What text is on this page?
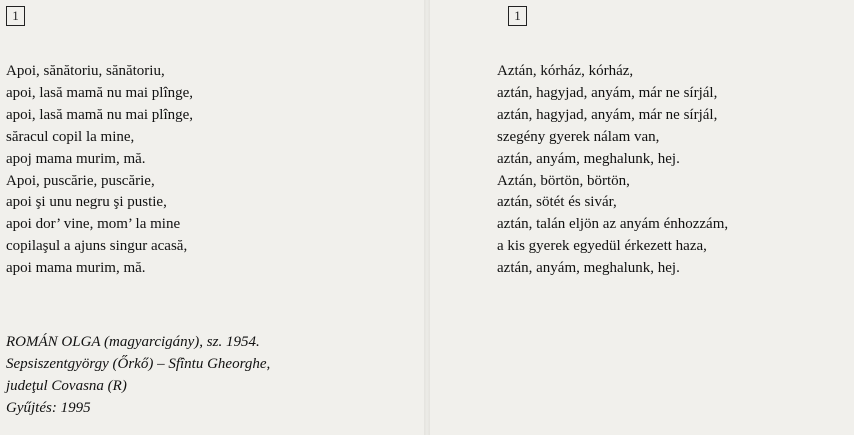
1
Apoi, sănătoriu, sănătoriu,
apoi, lasă mamă nu mai plînge,
apoi, lasă mamă nu mai plînge,
săracul copil la mine,
apoj mama murim, mă.
Apoi, puscărie, puscărie,
apoi şi unu negru şi pustie,
apoi dor’ vine, mom’ la mine
copilaşul a ajuns singur acasă,
apoi mama murim, mă.
ROMÁN OLGA (magyarcigány), sz. 1954.
Sepsiszentgyörgy (Őrkő) – Sfîntu Gheorghe,
judeţul Covasna (R)
Gyűjtés: 1995
1
Aztán, kórház, kórház,
aztán, hagyjad, anyám, már ne sírjál,
aztán, hagyjad, anyám, már ne sírjál,
szegény gyerek nálam van,
aztán, anyám, meghalunk, hej.
Aztán, börtön, börtön,
aztán, sötét és sivár,
aztán, talán eljön az anyám énhozzám,
a kis gyerek egyedül érkezett haza,
aztán, anyám, meghalunk, hej.
